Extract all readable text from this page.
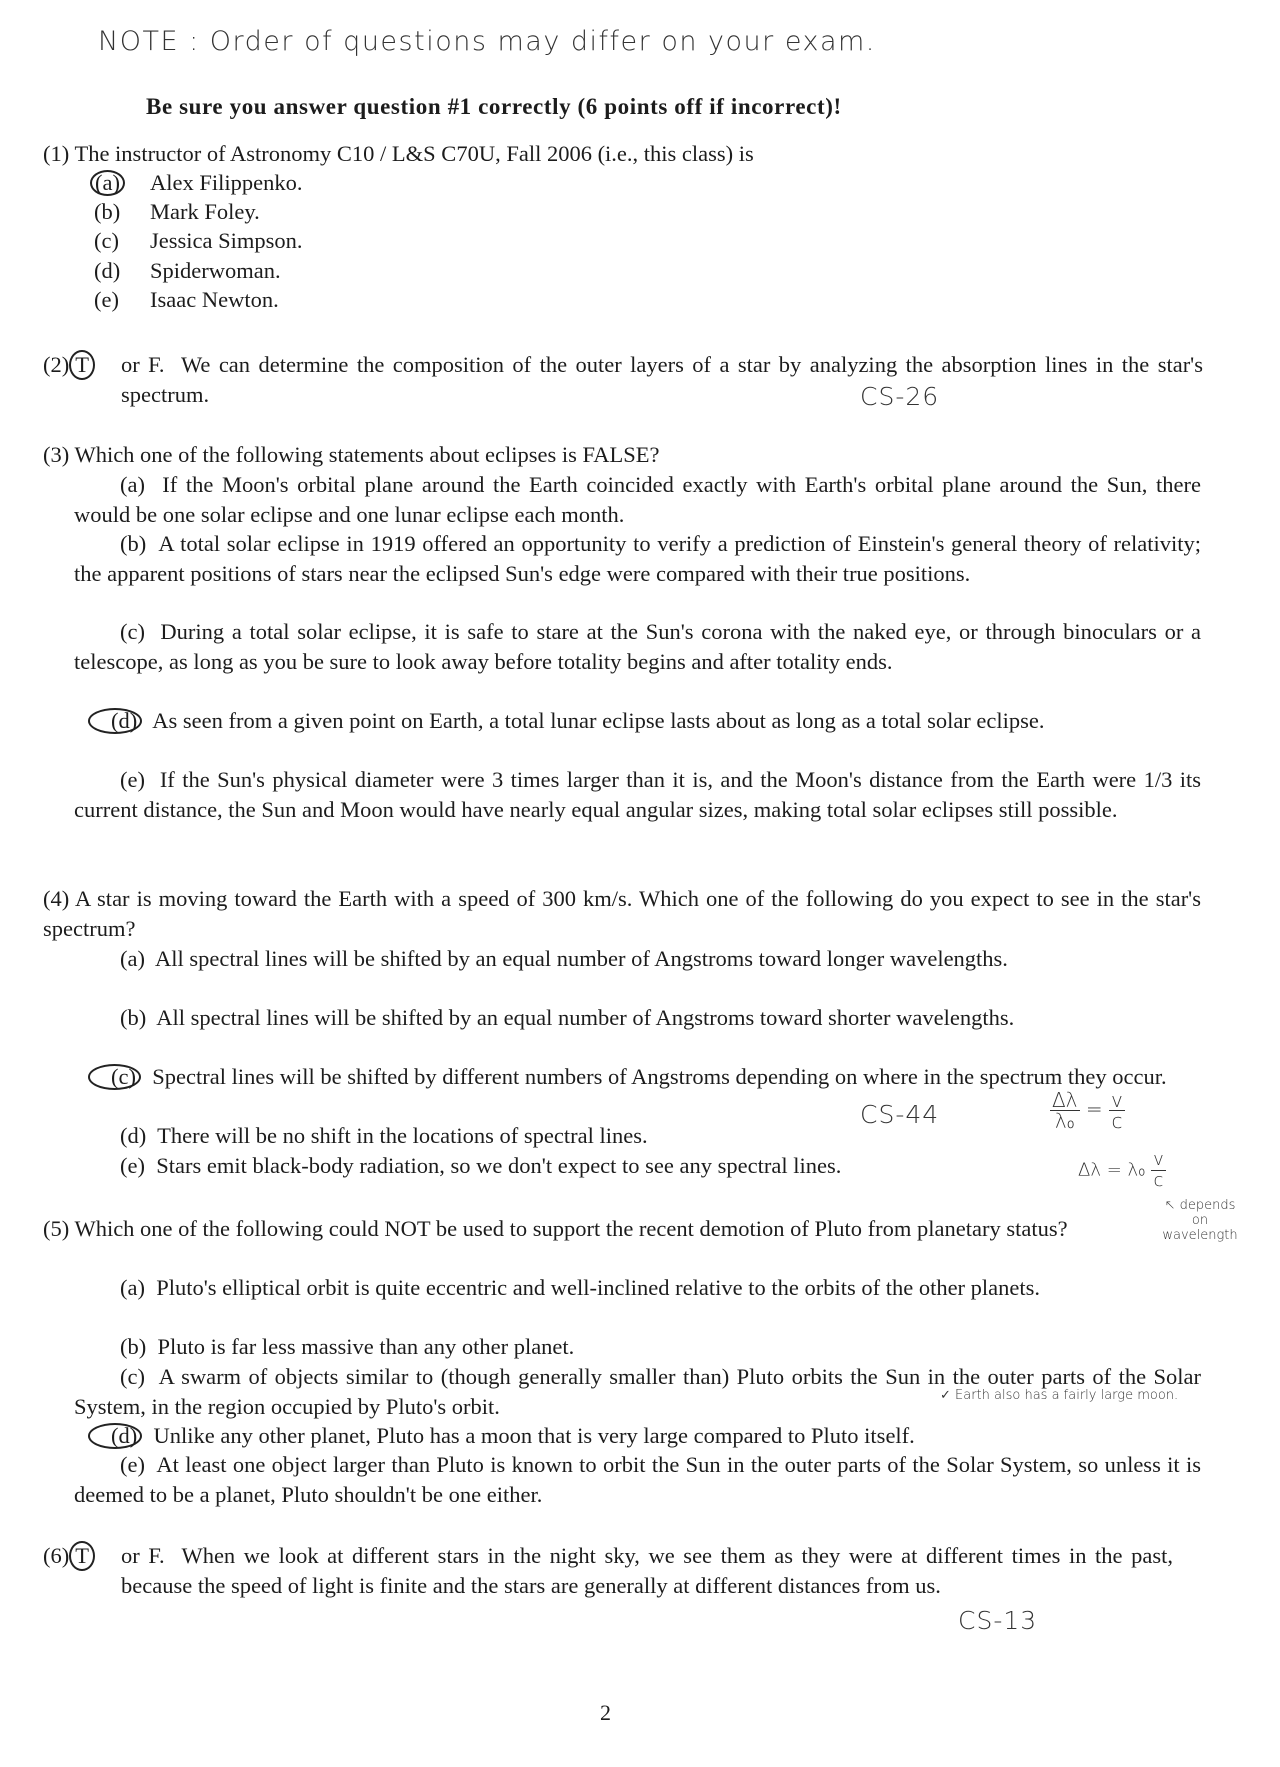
NOTE : Order of questions may differ on your exam.
Be sure you answer question #1 correctly (6 points off if incorrect)!
(1) The instructor of Astronomy C10 / L&S C70U, Fall 2006 (i.e., this class) is
(a) Alex Filippenko.
(b) Mark Foley.
(c) Jessica Simpson.
(d) Spiderwoman.
(e) Isaac Newton.
(2) T	or F. We can determine the composition of the outer layers of a star by analyzing the absorption lines in the star's spectrum.	CS-26
(3) Which one of the following statements about eclipses is FALSE?
(a) If the Moon's orbital plane around the Earth coincided exactly with Earth's orbital plane around the Sun, there would be one solar eclipse and one lunar eclipse each month.
(b) A total solar eclipse in 1919 offered an opportunity to verify a prediction of Einstein's general theory of relativity; the apparent positions of stars near the eclipsed Sun's edge were compared with their true positions.
(c) During a total solar eclipse, it is safe to stare at the Sun's corona with the naked eye, or through binoculars or a telescope, as long as you be sure to look away before totality begins and after totality ends.
(d) As seen from a given point on Earth, a total lunar eclipse lasts about as long as a total solar eclipse.
(e) If the Sun's physical diameter were 3 times larger than it is, and the Moon's distance from the Earth were 1/3 its current distance, the Sun and Moon would have nearly equal angular sizes, making total solar eclipses still possible.
(4) A star is moving toward the Earth with a speed of 300 km/s. Which one of the following do you expect to see in the star's spectrum?
(a) All spectral lines will be shifted by an equal number of Angstroms toward longer wavelengths.
(b) All spectral lines will be shifted by an equal number of Angstroms toward shorter wavelengths.
(c) Spectral lines will be shifted by different numbers of Angstroms depending on where in the spectrum they occur.
(d) There will be no shift in the locations of spectral lines.
(e) Stars emit black-body radiation, so we don't expect to see any spectral lines.
CS-44	$\frac{\Delta\lambda}{\text{λ₀}} = \frac{v}{c}$
$\Delta\lambda = \lambda_0 \frac{v}{c}$
↖ depends on wavelength
(5) Which one of the following could NOT be used to support the recent demotion of Pluto from planetary status?
(a) Pluto's elliptical orbit is quite eccentric and well-inclined relative to the orbits of the other planets.
(b) Pluto is far less massive than any other planet.
(c) A swarm of objects similar to (though generally smaller than) Pluto orbits the Sun in the outer parts of the Solar System, in the region occupied by Pluto's orbit.	✓ Earth also has a fairly large moon.
(d) Unlike any other planet, Pluto has a moon that is very large compared to Pluto itself.
(e) At least one object larger than Pluto is known to orbit the Sun in the outer parts of the Solar System, so unless it is deemed to be a planet, Pluto shouldn't be one either.
(6) T	or F. When we look at different stars in the night sky, we see them as they were at different times in the past, because the speed of light is finite and the stars are generally at different distances from us.
CS-13
2
